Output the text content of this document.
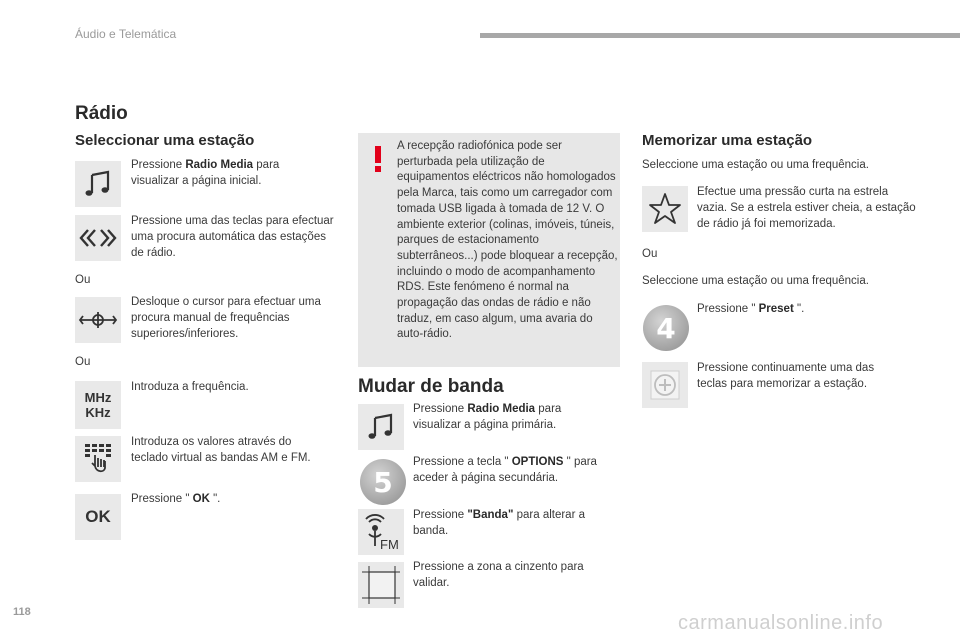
Áudio e Telemática
Rádio
Seleccionar uma estação
Pressione Radio Media para visualizar a página inicial.
Pressione uma das teclas para efectuar uma procura automática das estações de rádio.
Ou
Desloque o cursor para efectuar uma procura manual de frequências superiores/inferiores.
Ou
MHz
KHz
Introduza a frequência.
Introduza os valores através do teclado virtual as bandas AM e FM.
OK
Pressione " OK ".
A recepção radiofónica pode ser perturbada pela utilização de equipamentos eléctricos não homologados pela Marca, tais como um carregador com tomada USB ligada à tomada de 12 V. O ambiente exterior (colinas, imóveis, túneis, parques de estacionamento subterrâneos...) pode bloquear a recepção, incluindo o modo de acompanhamento RDS. Este fenómeno é normal na propagação das ondas de rádio e não traduz, em caso algum, uma avaria do auto-rádio.
Mudar de banda
Pressione Radio Media para visualizar a página primária.
5
Pressione a tecla " OPTIONS " para aceder à página secundária.
FM
Pressione "Banda" para alterar a banda.
Pressione a zona a cinzento para validar.
Memorizar uma estação
Seleccione uma estação ou uma frequência.
Efectue uma pressão curta na estrela vazia. Se a estrela estiver cheia, a estação de rádio já foi memorizada.
Ou
Seleccione uma estação ou uma frequência.
4
Pressione " Preset ".
Pressione continuamente uma das teclas para memorizar a estação.
118	carmanualsonline.info
